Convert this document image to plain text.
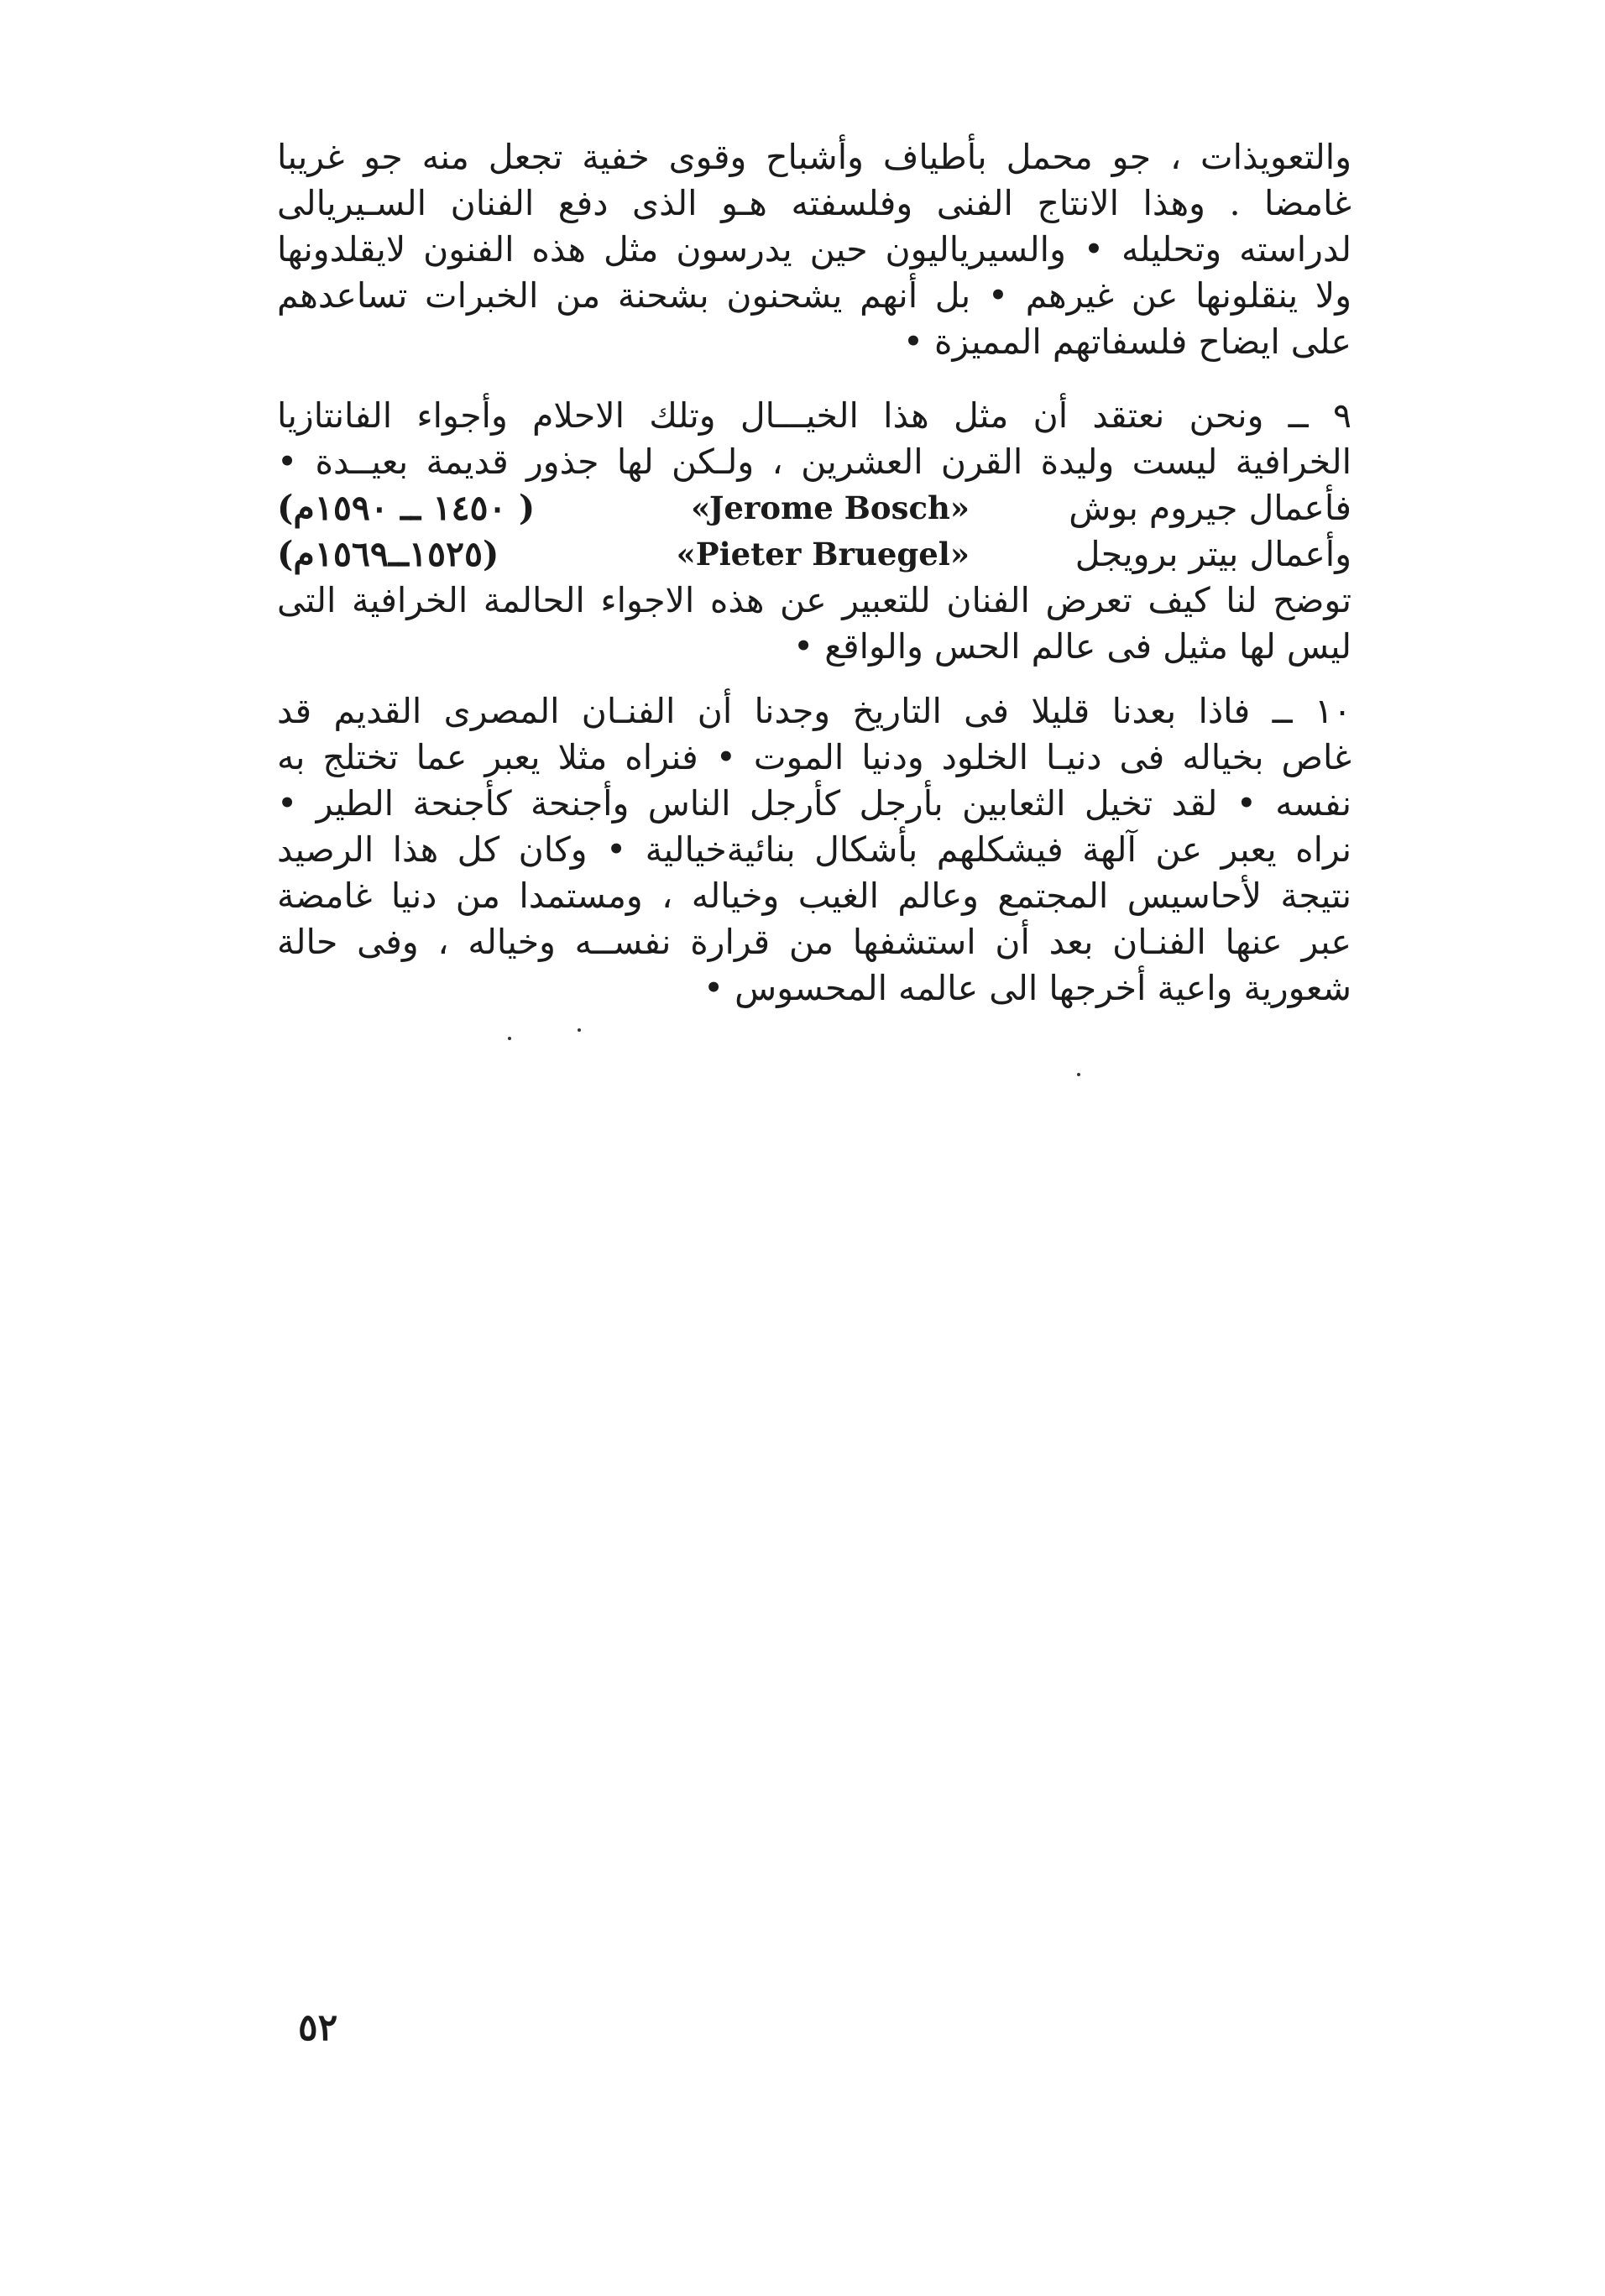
والتعويذات ، جو محمل بأطياف وأشباح وقوى خفية تجعل منه جو غريبا
غامضا . وهذا الانتاج الفنى وفلسفته هـو الذى دفع الفنان السـيريالى
لدراسته وتحليله • والسيرياليون حين يدرسون مثل هذه الفنون لايقلدونها
ولا ينقلونها عن غيرهم • بل أنهم يشحنون بشحنة من الخبرات تساعدهم
على ايضاح فلسفاتهم المميزة •
٩ ــ ونحن نعتقد أن مثل هذا الخيـــال وتلك الاحلام وأجواء الفانتازيا
الخرافية ليست وليدة القرن العشرين ، ولـكن لها جذور قديمة بعيــدة •
فأعمال جيروم بوش
«Jerome Bosch»
( ١٤٥٠ ــ ١٥٩٠م)
وأعمال بيتر برويجل
«Pieter Bruegel»
(١٥٢٥ــ١٥٦٩م)
توضح لنا كيف تعرض الفنان للتعبير عن هذه الاجواء الحالمة الخرافية التى
ليس لها مثيل فى عالم الحس والواقع •
١٠ ــ فاذا بعدنا قليلا فى التاريخ وجدنا أن الفنـان المصرى القديم قد
غاص بخياله فى دنيـا الخلود ودنيا الموت • فنراه مثلا يعبر عما تختلج به
نفسه • لقد تخيل الثعابين بأرجل كأرجل الناس وأجنحة كأجنحة الطير •
نراه يعبر عن آلهة فيشكلهم بأشكال بنائيةخيالية • وكان كل هذا الرصيد
نتيجة لأحاسيس المجتمع وعالم الغيب وخياله ، ومستمدا من دنيا غامضة
عبر عنها الفنـان بعد أن استشفها من قرارة نفســه وخياله ، وفى حالة
شعورية واعية أخرجها الى عالمه المحسوس •
٥٢
